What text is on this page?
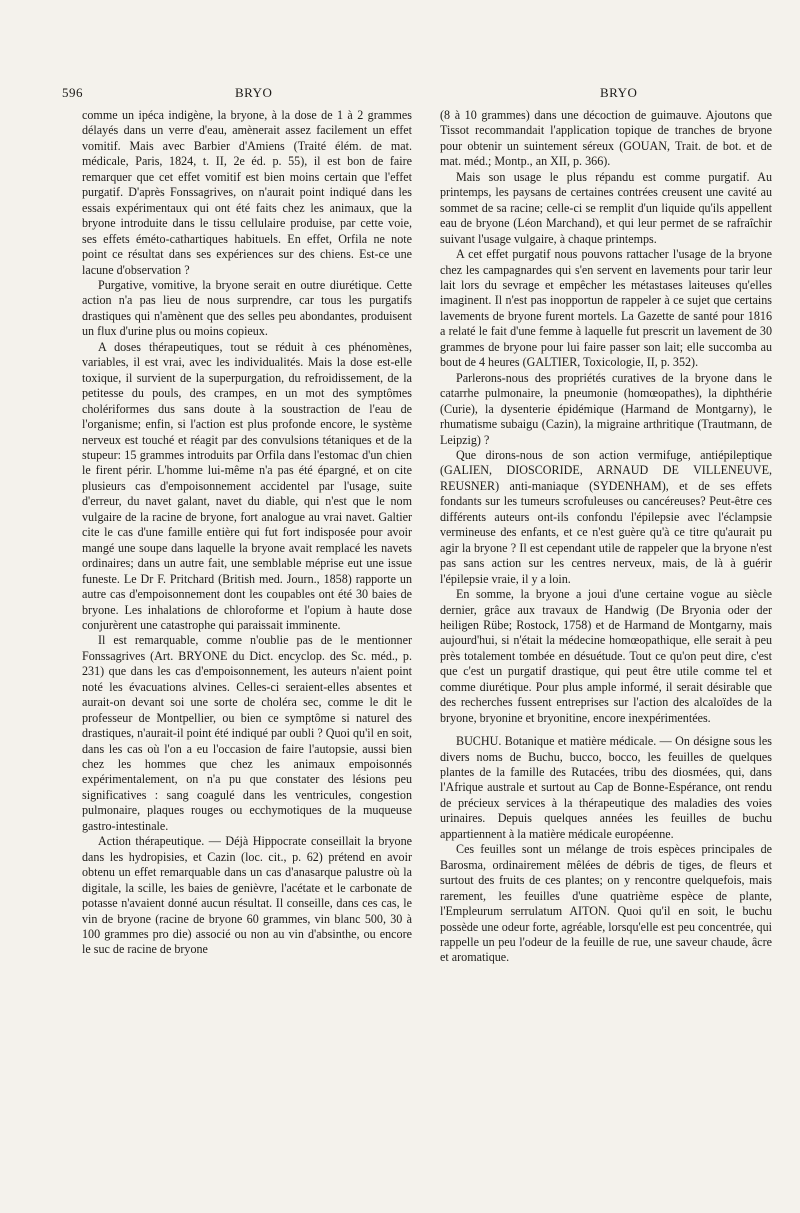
596	BRYO	BRYO

comme un ipéca indigène, la bryone, à la dose de 1 à 2 grammes délayés dans un verre d'eau, amènerait assez facilement un effet vomitif. Mais avec Barbier d'Amiens (Traité élém. de mat. médicale, Paris, 1824, t. II, 2e éd. p. 55), il est bon de faire remarquer que cet effet vomitif est bien moins certain que l'effet purgatif. D'après Fonssagrives, on n'aurait point indiqué dans les essais expérimentaux qui ont été faits chez les animaux, que la bryone introduite dans le tissu cellulaire produise, par cette voie, ses effets éméto-cathartiques habituels. En effet, Orfila ne note point ce résultat dans ses expériences sur des chiens. Est-ce une lacune d'observation ?

Purgative, vomitive, la bryone serait en outre diurétique. Cette action n'a pas lieu de nous surprendre, car tous les purgatifs drastiques qui n'amènent que des selles peu abondantes, produisent un flux d'urine plus ou moins copieux.

A doses thérapeutiques, tout se réduit à ces phénomènes, variables, il est vrai, avec les individualités. Mais la dose est-elle toxique, il survient de la superpurgation, du refroidissement, de la petitesse du pouls, des crampes, en un mot des symptômes cholériformes dus sans doute à la soustraction de l'eau de l'organisme; enfin, si l'action est plus profonde encore, le système nerveux est touché et réagit par des convulsions tétaniques et de la stupeur: 15 grammes introduits par Orfila dans l'estomac d'un chien le firent périr. L'homme lui-même n'a pas été épargné, et on cite plusieurs cas d'empoisonnement accidentel par l'usage, suite d'erreur, du navet galant, navet du diable, qui n'est que le nom vulgaire de la racine de bryone, fort analogue au vrai navet. Galtier cite le cas d'une famille entière qui fut fort indisposée pour avoir mangé une soupe dans laquelle la bryone avait remplacé les navets ordinaires; dans un autre fait, une semblable méprise eut une issue funeste. Le Dr F. Pritchard (British med. Journ., 1858) rapporte un autre cas d'empoisonnement dont les coupables ont été 30 baies de bryone. Les inhalations de chloroforme et l'opium à haute dose conjurèrent une catastrophe qui paraissait imminente.

Il est remarquable, comme n'oublie pas de le mentionner Fonssagrives (Art. BRYONE du Dict. encyclop. des Sc. méd., p. 231) que dans les cas d'empoisonnement, les auteurs n'aient point noté les évacuations alvines. Celles-ci seraient-elles absentes et aurait-on devant soi une sorte de choléra sec, comme le dit le professeur de Montpellier, ou bien ce symptôme si naturel des drastiques, n'aurait-il point été indiqué par oubli ? Quoi qu'il en soit, dans les cas où l'on a eu l'occasion de faire l'autopsie, aussi bien chez les hommes que chez les animaux empoisonnés expérimentalement, on n'a pu que constater des lésions peu significatives : sang coagulé dans les ventricules, congestion pulmonaire, plaques rouges ou ecchymotiques de la muqueuse gastro-intestinale.

Action thérapeutique. — Déjà Hippocrate conseillait la bryone dans les hydropisies, et Cazin (loc. cit., p. 62) prétend en avoir obtenu un effet remarquable dans un cas d'anasarque palustre où la digitale, la scille, les baies de genièvre, l'acétate et le carbonate de potasse n'avaient donné aucun résultat. Il conseille, dans ces cas, le vin de bryone (racine de bryone 60 grammes, vin blanc 500, 30 à 100 grammes pro die) associé ou non au vin d'absinthe, ou encore le suc de racine de bryone

(8 à 10 grammes) dans une décoction de guimauve. Ajoutons que Tissot recommandait l'application topique de tranches de bryone pour obtenir un suintement séreux (GOUAN, Trait. de bot. et de mat. méd.; Montp., an XII, p. 366).

Mais son usage le plus répandu est comme purgatif. Au printemps, les paysans de certaines contrées creusent une cavité au sommet de sa racine; celle-ci se remplit d'un liquide qu'ils appellent eau de bryone (Léon Marchand), et qui leur permet de se rafraîchir suivant l'usage vulgaire, à chaque printemps.

A cet effet purgatif nous pouvons rattacher l'usage de la bryone chez les campagnardes qui s'en servent en lavements pour tarir leur lait lors du sevrage et empêcher les métastases laiteuses qu'elles imaginent. Il n'est pas inopportun de rappeler à ce sujet que certains lavements de bryone furent mortels. La Gazette de santé pour 1816 a relaté le fait d'une femme à laquelle fut prescrit un lavement de 30 grammes de bryone pour lui faire passer son lait; elle succomba au bout de 4 heures (GALTIER, Toxicologie, II, p. 352).

Parlerons-nous des propriétés curatives de la bryone dans le catarrhe pulmonaire, la pneumonie (homœopathes), la diphthérie (Curie), la dysenterie épidémique (Harmand de Montgarny), le rhumatisme subaigu (Cazin), la migraine arthritique (Trautmann, de Leipzig) ?

Que dirons-nous de son action vermifuge, antiépileptique (GALIEN, DIOSCORIDE, ARNAUD DE VILLENEUVE, REUSNER) anti-maniaque (SYDENHAM), et de ses effets fondants sur les tumeurs scrofuleuses ou cancéreuses? Peut-être ces différents auteurs ont-ils confondu l'épilepsie avec l'éclampsie vermineuse des enfants, et ce n'est guère qu'à ce titre qu'aurait pu agir la bryone ? Il est cependant utile de rappeler que la bryone n'est pas sans action sur les centres nerveux, mais, de là à guérir l'épilepsie vraie, il y a loin.

En somme, la bryone a joui d'une certaine vogue au siècle dernier, grâce aux travaux de Handwig (De Bryonia oder der heiligen Rübe; Rostock, 1758) et de Harmand de Montgarny, mais aujourd'hui, si n'était la médecine homœopathique, elle serait à peu près totalement tombée en désuétude. Tout ce qu'on peut dire, c'est que c'est un purgatif drastique, qui peut être utile comme tel et comme diurétique. Pour plus ample informé, il serait désirable que des recherches fussent entreprises sur l'action des alcaloïdes de la bryone, bryonine et bryonitine, encore inexpérimentées.

BUCHU. Botanique et matière médicale. — On désigne sous les divers noms de Buchu, bucco, bocco, les feuilles de quelques plantes de la famille des Rutacées, tribu des diosmées, qui, dans l'Afrique australe et surtout au Cap de Bonne-Espérance, ont rendu de précieux services à la thérapeutique des maladies des voies urinaires. Depuis quelques années les feuilles de buchu appartiennent à la matière médicale européenne.

Ces feuilles sont un mélange de trois espèces principales de Barosma, ordinairement mêlées de débris de tiges, de fleurs et surtout des fruits de ces plantes; on y rencontre quelquefois, mais rarement, les feuilles d'une quatrième espèce de plante, l'Empleurum serrulatum AITON. Quoi qu'il en soit, le buchu possède une odeur forte, agréable, lorsqu'elle est peu concentrée, qui rappelle un peu l'odeur de la feuille de rue, une saveur chaude, âcre et aromatique.
